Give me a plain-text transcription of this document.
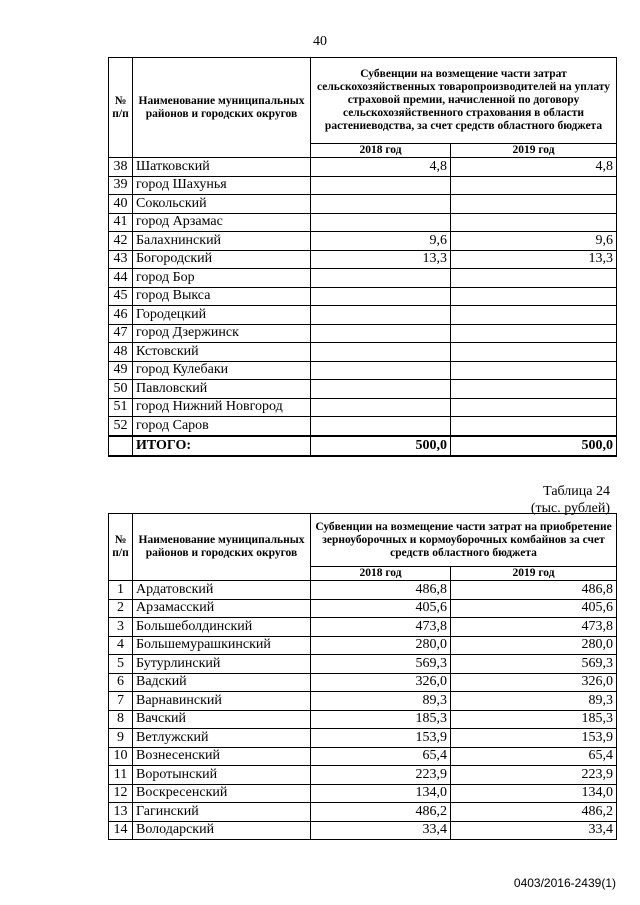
40
№ п/п	Наименование муниципальных районов и городских округов	Субвенции на возмещение части затрат сельскохозяйственных товаропроизводителей на уплату страховой премии, начисленной по договору сельскохозяйственного страхования в области растениеводства, за счет средств областного бюджета	
		2018 год	2019 год
38	Шатковский	4,8	4,8
39	город Шахунья		
40	Сокольский		
41	город Арзамас		
42	Балахнинский	9,6	9,6
43	Богородский	13,3	13,3
44	город Бор		
45	город Выкса		
46	Городецкий		
47	город Дзержинск		
48	Кстовский		
49	город Кулебаки		
50	Павловский		
51	город Нижний Новгород		
52	город Саров		
	ИТОГО:	500,0	500,0
Таблица 24
(тыс. рублей)
№ п/п	Наименование муниципальных районов и городских округов	Субвенции на возмещение части затрат на приобретение зерноуборочных и кормоуборочных комбайнов за счет средств областного бюджета	
		2018 год	2019 год
1	Ардатовский	486,8	486,8
2	Арзамасский	405,6	405,6
3	Большеболдинский	473,8	473,8
4	Большемурашкинский	280,0	280,0
5	Бутурлинский	569,3	569,3
6	Вадский	326,0	326,0
7	Варнавинский	89,3	89,3
8	Вачский	185,3	185,3
9	Ветлужский	153,9	153,9
10	Вознесенский	65,4	65,4
11	Воротынский	223,9	223,9
12	Воскресенский	134,0	134,0
13	Гагинский	486,2	486,2
14	Володарский	33,4	33,4
0403/2016-2439(1)
